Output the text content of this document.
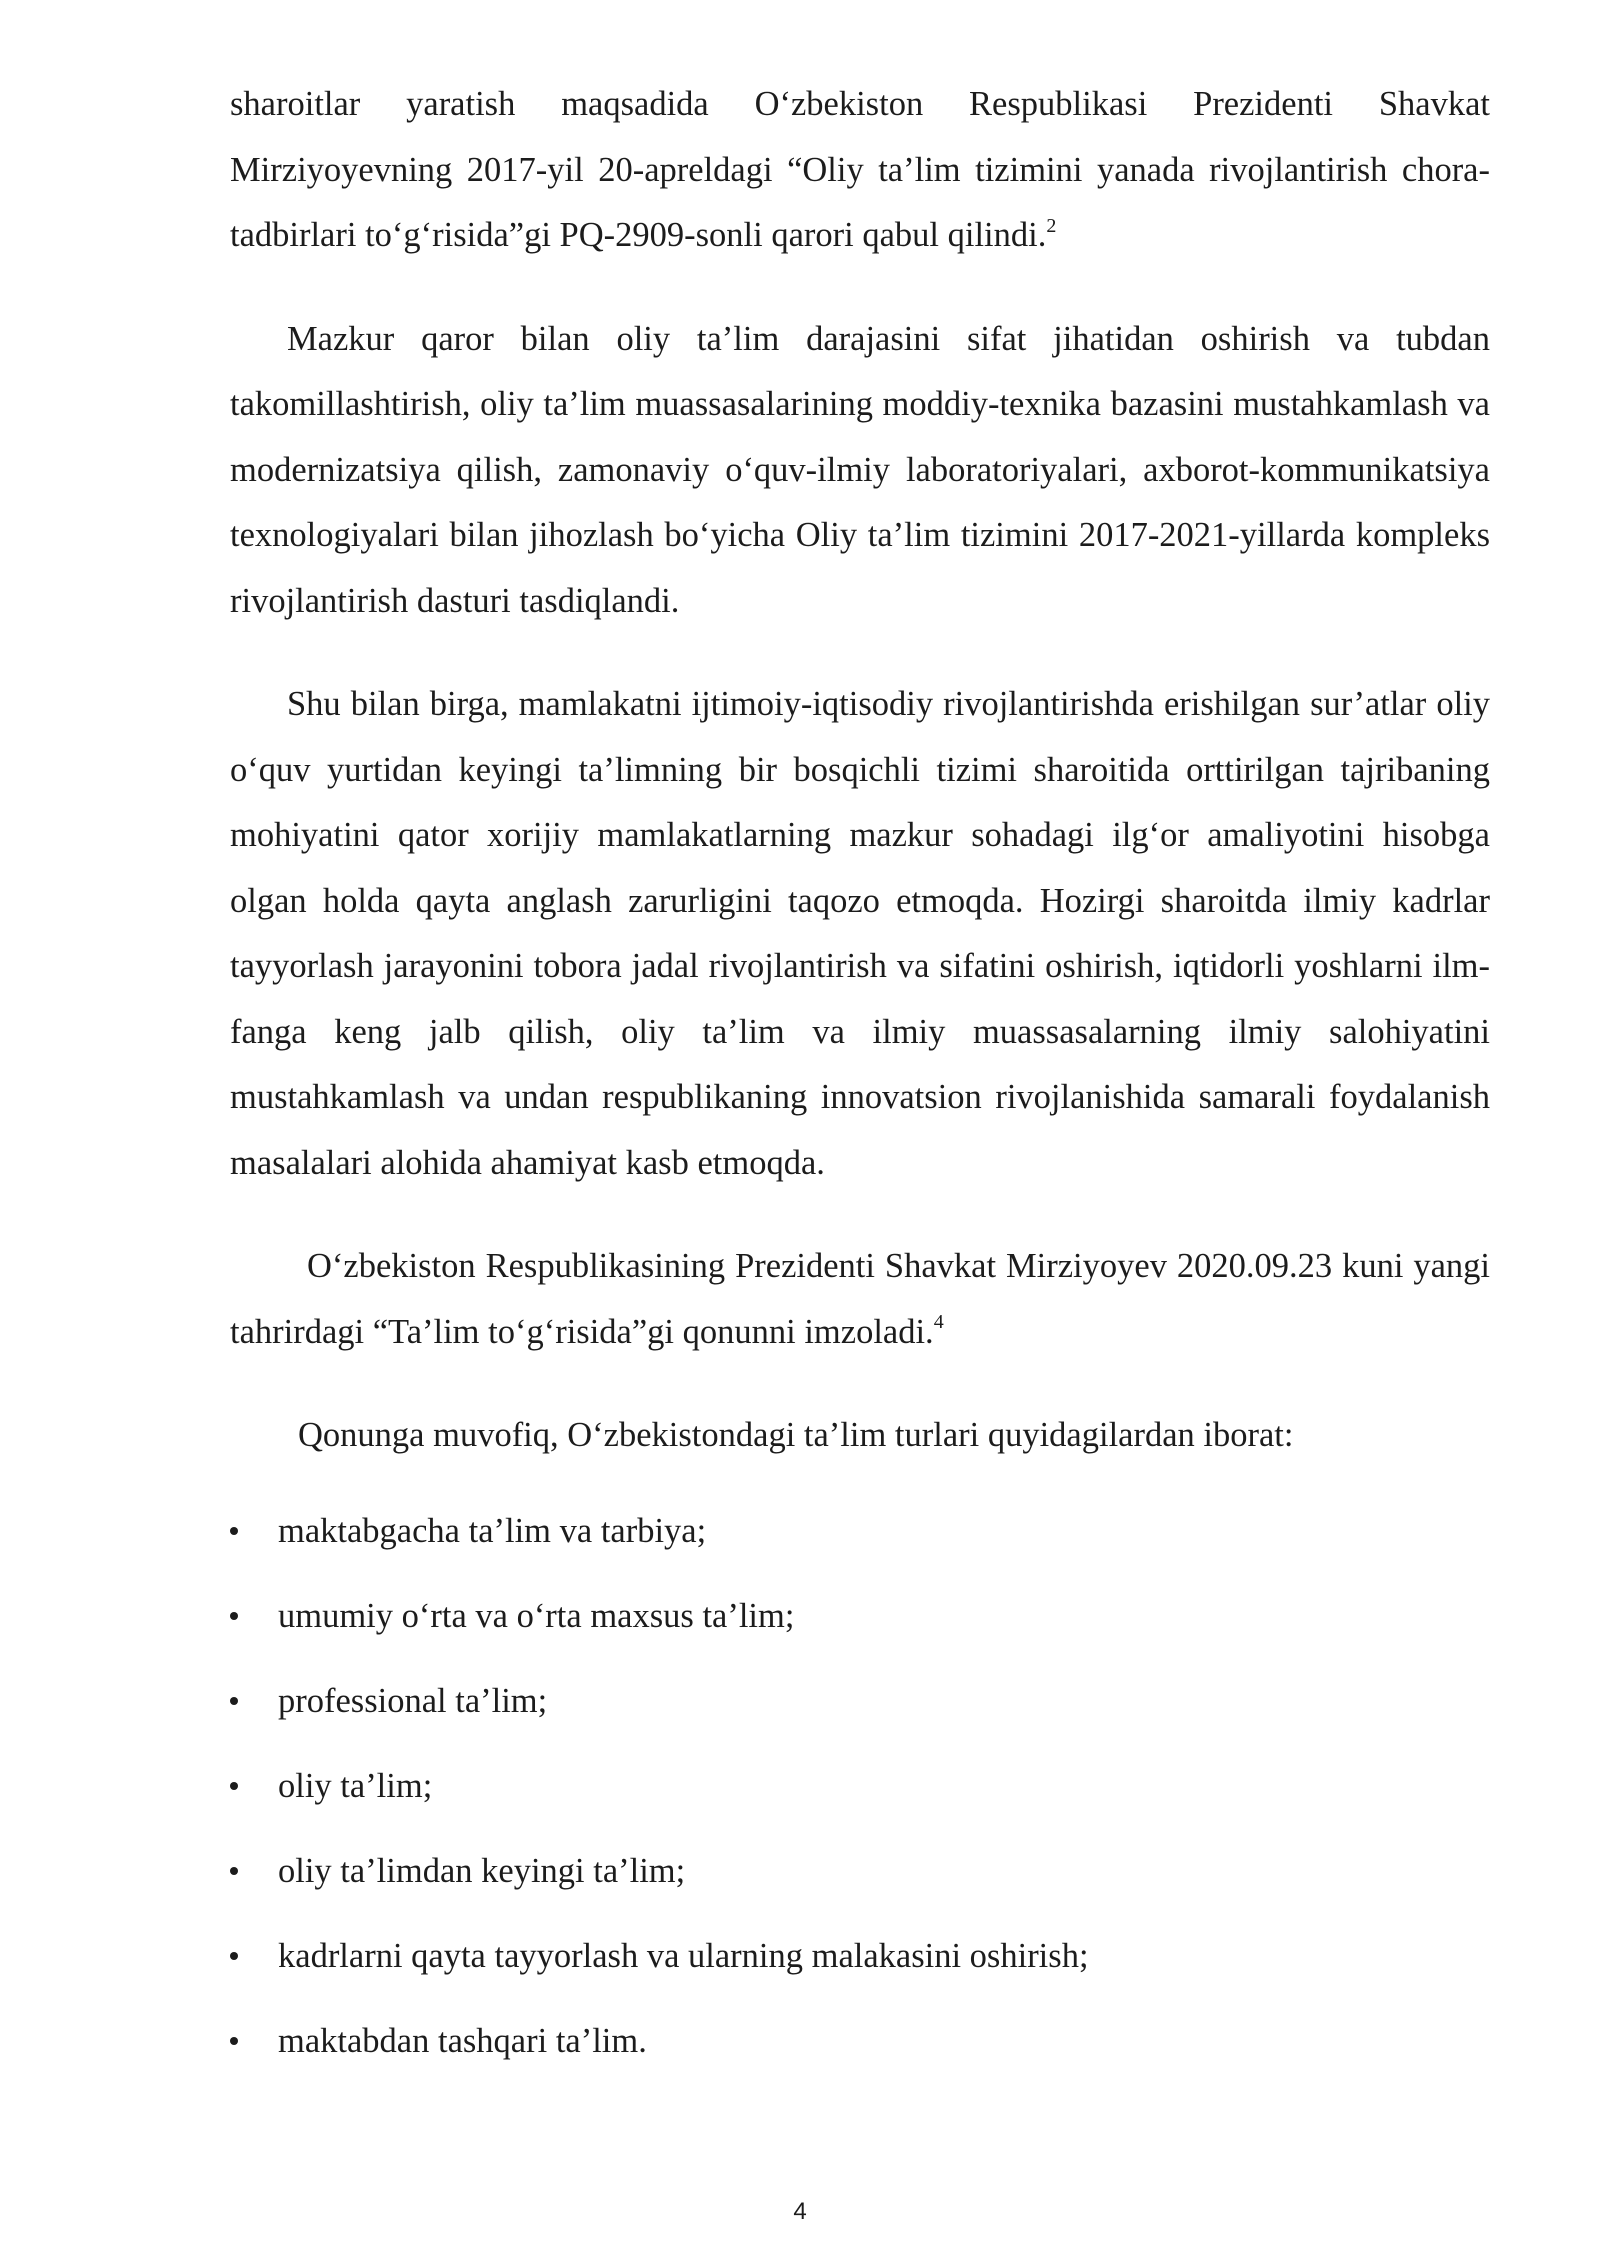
sharoitlar yaratish maqsadida O‘zbekiston Respublikasi Prezidenti Shavkat Mirziyoyevning 2017-yil 20-apreldagi “Oliy ta’lim tizimini yanada rivojlantirish chora-tadbirlari to‘g‘risida”gi PQ-2909-sonli qarori qabul qilindi.$^2$

Mazkur qaror bilan oliy ta’lim darajasini sifat jihatidan oshirish va tubdan takomillashtirish, oliy ta’lim muassasalarining moddiy-texnika bazasini mustahkamlash va modernizatsiya qilish, zamonaviy o‘quv-ilmiy laboratoriyalari, axborot-kommunikatsiya texnologiyalari bilan jihozlash bo‘yicha Oliy ta’lim tizimini 2017-2021-yillarda kompleks rivojlantirish dasturi tasdiqlandi.

Shu bilan birga, mamlakatni ijtimoiy-iqtisodiy rivojlantirishda erishilgan sur’atlar oliy o‘quv yurtidan keyingi ta’limning bir bosqichli tizimi sharoitida orttirilgan tajribaning mohiyatini qator xorijiy mamlakatlarning mazkur sohadagi ilg‘or amaliyotini hisobga olgan holda qayta anglash zarurligini taqozo etmoqda. Hozirgi sharoitda ilmiy kadrlar tayyorlash jarayonini tobora jadal rivojlantirish va sifatini oshirish, iqtidorli yoshlarni ilm-fanga keng jalb qilish, oliy ta’lim va ilmiy muassasalarning ilmiy salohiyatini mustahkamlash va undan respublikaning innovatsion rivojlanishida samarali foydalanish masalalari alohida ahamiyat kasb etmoqda.

O‘zbekiston Respublikasining Prezidenti Shavkat Mirziyoyev 2020.09.23 kuni yangi tahrirdagi “Ta’lim to‘g‘risida”gi qonunni imzoladi.$^4$

Qonunga muvofiq, O‘zbekistondagi ta’lim turlari quyidagilardan iborat:

maktabgacha ta’lim va tarbiya;
umumiy o‘rta va o‘rta maxsus ta’lim;
professional ta’lim;
oliy ta’lim;
oliy ta’limdan keyingi ta’lim;
kadrlarni qayta tayyorlash va ularning malakasini oshirish;
maktabdan tashqari ta’lim.
4
